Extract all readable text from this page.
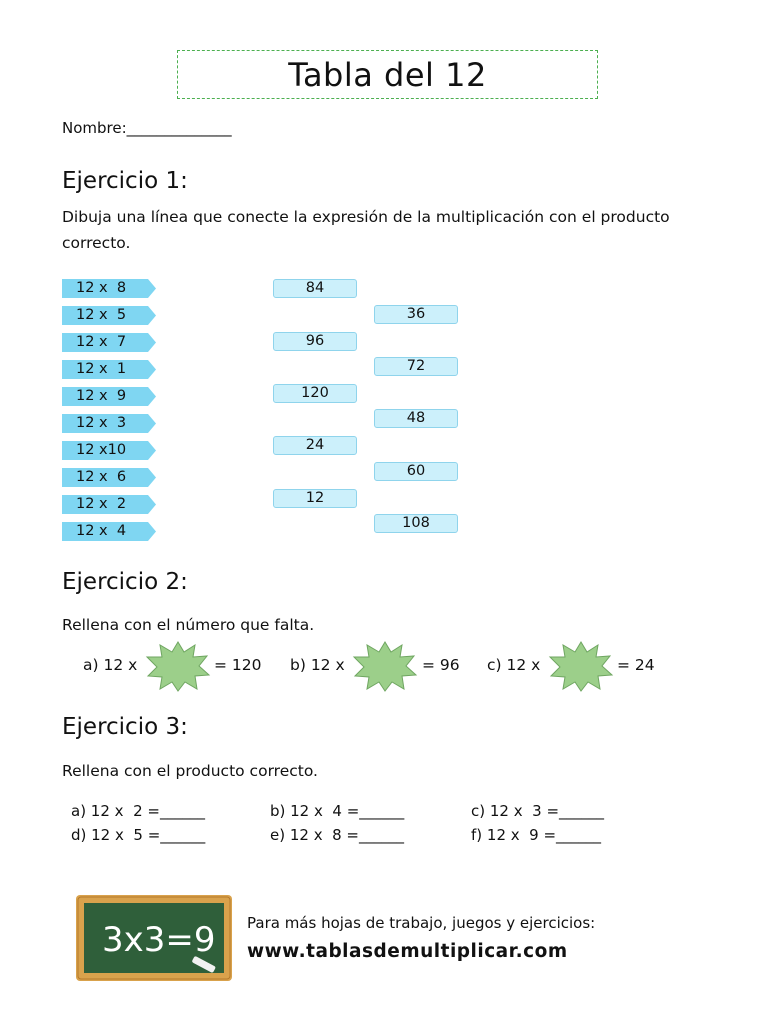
Tabla del 12
Nombre:______________
Ejercicio 1:
Dibuja una línea que conecte la expresión de la multiplicación con el producto correcto.
12 x  8
12 x  5
12 x  7
12 x  1
12 x  9
12 x  3
12 x10
12 x  6
12 x  2
12 x  4
84
96
120
24
12
36
72
48
60
108
Ejercicio 2:
Rellena con el número que falta.
a) 12 x	= 120 b) 12 x	= 96 c) 12 x	= 24
Ejercicio 3:
Rellena con el producto correcto.
a) 12 x  2 =______	b) 12 x  4 =______	c) 12 x  3 =______
d) 12 x  5 =______	e) 12 x  8 =______	f) 12 x  9 =______
3x3=9 Para más hojas de trabajo, juegos y ejercicios:
www.tablasdemultiplicar.com
